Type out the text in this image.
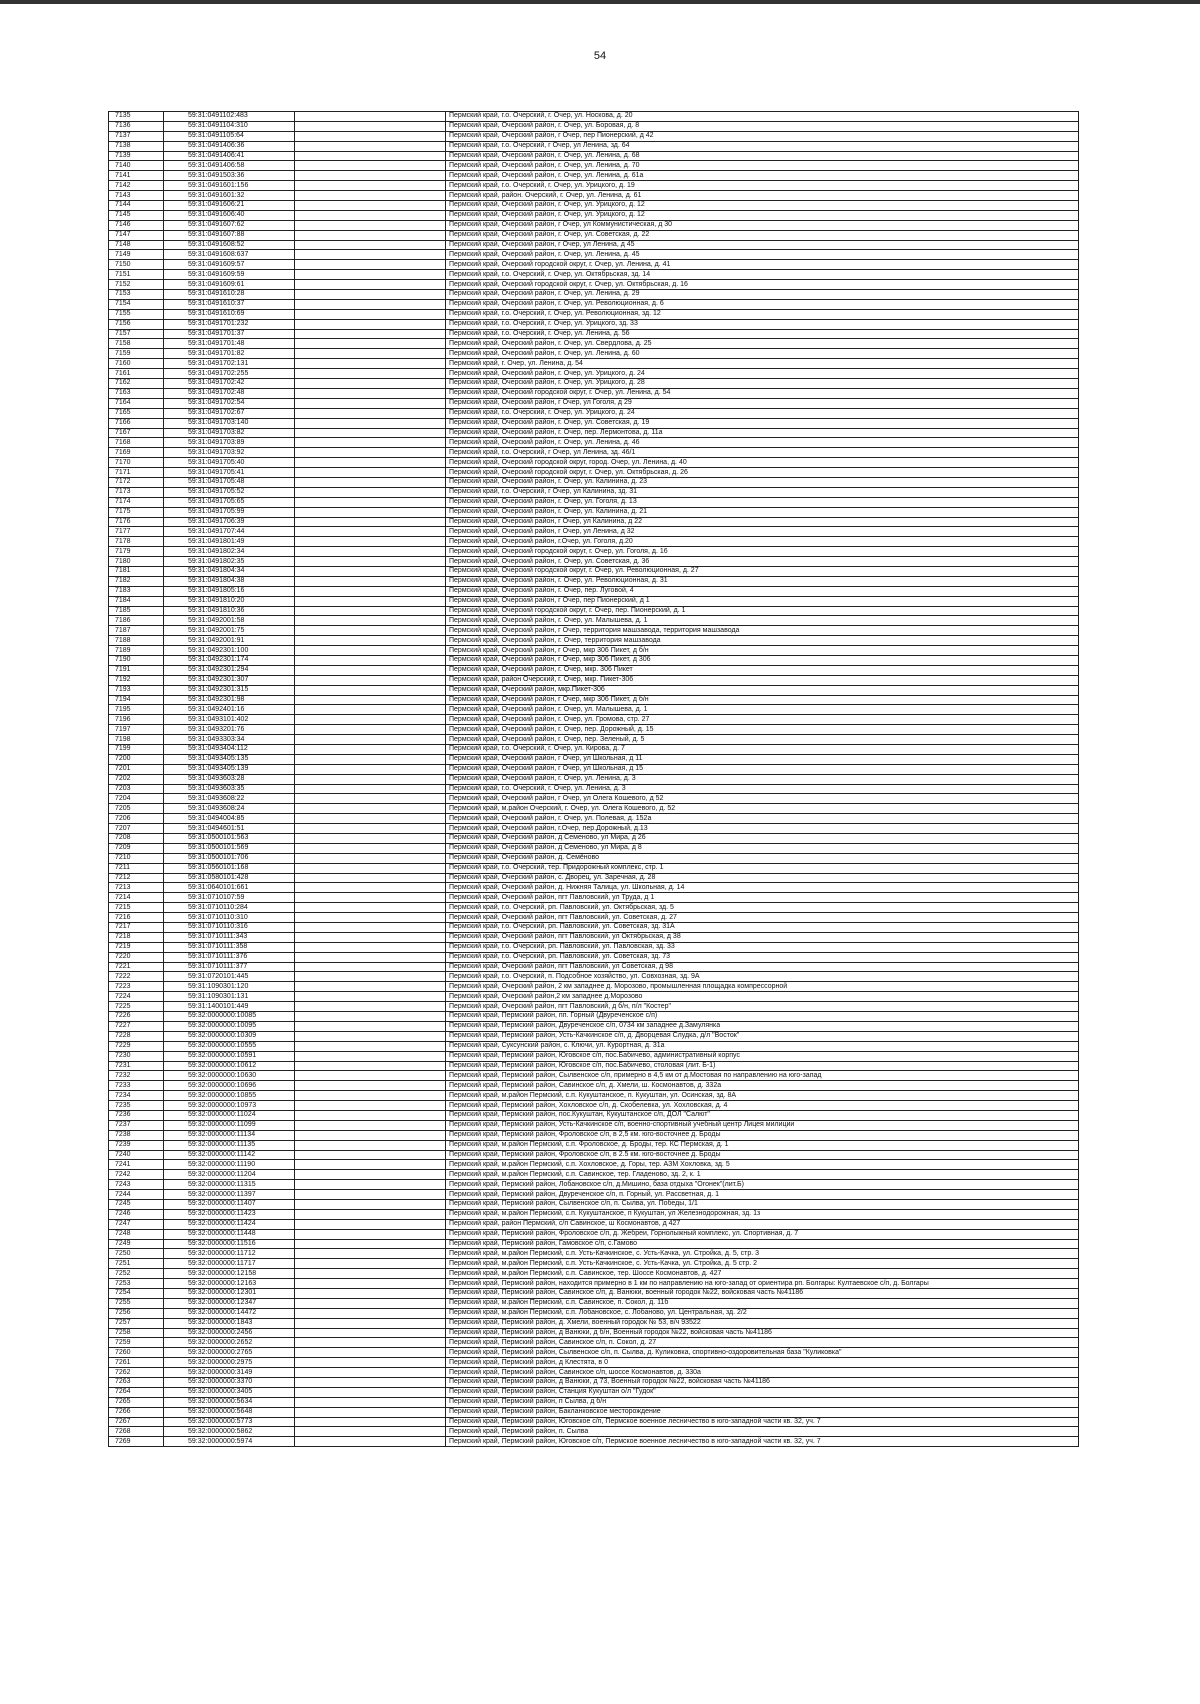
54
7135	59:31:0491102:483		Пермский край, г.о. Очерский, г. Очер, ул. Носкова, д. 20
7136	59:31:0491104:310		Пермский край, Очерский район, г. Очер, ул. Боровая, д. 8
7137	59:31:0491105:64		Пермский край, Очерский район, г Очер, пер Пионерский, д 42
7138	59:31:0491406:36		Пермский край, г.о. Очерский, г Очер, ул Ленина, зд. 64
7139	59:31:0491406:41		Пермский край, Очерский район, г. Очер, ул. Ленина, д. 68
7140	59:31:0491406:58		Пермский край, Очерский район, г. Очер, ул. Ленина, д. 70
7141	59:31:0491503:36		Пермский край, Очерский район, г. Очер, ул. Ленина, д. 61а
7142	59:31:0491601:156		Пермский край, г.о. Очерский, г. Очер, ул. Урицкого, д. 19
7143	59:31:0491601:32		Пермский край, район. Очерский, г. Очер, ул. Ленина, д. 61
7144	59:31:0491606:21		Пермский край, Очерский район, г. Очер, ул. Урицкого, д. 12
7145	59:31:0491606:40		Пермский край, Очерский район, г. Очер, ул. Урицкого, д. 12
7146	59:31:0491607:62		Пермский край, Очерский район, г Очер, ул Коммунистическая, д 30
7147	59:31:0491607:88		Пермский край, Очерский район, г. Очер, ул. Советская, д. 22
7148	59:31:0491608:52		Пермский край, Очерский район, г Очер, ул Ленина, д 45
7149	59:31:0491608:637		Пермский край, Очерский район, г. Очер, ул. Ленина, д. 45
7150	59:31:0491609:57		Пермский край, Очерский городской округ, г. Очер, ул. Ленина, д. 41
7151	59:31:0491609:59		Пермский край, г.о. Очерский, г. Очер, ул. Октябрьская, зд. 14
7152	59:31:0491609:61		Пермский край, Очерский городской округ, г. Очер, ул. Октябрьская, д. 16
7153	59:31:0491610:28		Пермский край, Очерский район, г. Очер, ул. Ленина, д. 29
7154	59:31:0491610:37		Пермский край, Очерский район, г. Очер, ул. Революционная, д. 6
7155	59:31:0491610:69		Пермский край, г.о. Очерский, г. Очер, ул. Революционная, зд. 12
7156	59:31:0491701:232		Пермский край, г.о. Очерский, г. Очер, ул. Урицкого, зд. 33
7157	59:31:0491701:37		Пермский край, г.о. Очерский, г. Очер, ул. Ленина, д. 56
7158	59:31:0491701:48		Пермский край, Очерский район, г. Очер, ул. Свердлова, д. 25
7159	59:31:0491701:82		Пермский край, Очерский район, г. Очер, ул. Ленина, д. 60
7160	59:31:0491702:131		Пермский край, г. Очер, ул. Ленина, д. 54
7161	59:31:0491702:255		Пермский край, Очерский район, г. Очер, ул. Урицкого, д. 24
7162	59:31:0491702:42		Пермский край, Очерский район, г. Очер, ул. Урицкого, д. 28
7163	59:31:0491702:48		Пермский край, Очерский городской округ, г. Очер, ул. Ленина, д. 54
7164	59:31:0491702:54		Пермский край, Очерский район, г Очер, ул Гоголя, д 29
7165	59:31:0491702:67		Пермский край, г.о. Очерский, г. Очер, ул. Урицкого, д. 24
7166	59:31:0491703:140		Пермский край, Очерский район, г. Очер, ул. Советская, д. 19
7167	59:31:0491703:82		Пермский край, Очерский район, г. Очер, пер. Лермонтова, д. 11а
7168	59:31:0491703:89		Пермский край, Очерский район, г. Очер, ул. Ленина, д. 46
7169	59:31:0491703:92		Пермский край, г.о. Очерский, г Очер, ул Ленина, зд. 46/1
7170	59:31:0491705:40		Пермский край, Очерский городской округ, город. Очер, ул. Ленина, д. 40
7171	59:31:0491705:41		Пермский край, Очерский городской округ, г. Очер, ул. Октябрьская, д. 26
7172	59:31:0491705:48		Пермский край, Очерский район, г. Очер, ул. Калинина, д. 23
7173	59:31:0491705:52		Пермский край, г.о. Очерский, г Очер, ул Калинина, зд. 31
7174	59:31:0491705:65		Пермский край, Очерский район, г. Очер, ул. Гоголя, д. 13
7175	59:31:0491705:99		Пермский край, Очерский район, г. Очер, ул. Калинина, д. 21
7176	59:31:0491706:39		Пермский край, Очерский район, г Очер, ул Калинина, д 22
7177	59:31:0491707:44		Пермский край, Очерский район, г Очер, ул Ленина, д 32
7178	59:31:0491801:49		Пермский край, Очерский район, г.Очер, ул. Гоголя, д.20
7179	59:31:0491802:34		Пермский край, Очерский городской округ, г. Очер, ул. Гоголя, д. 16
7180	59:31:0491802:35		Пермский край, Очерский район, г. Очер, ул. Советская, д. 36
7181	59:31:0491804:34		Пермский край, Очерский городской округ, г. Очер, ул. Революционная, д. 27
7182	59:31:0491804:38		Пермский край, Очерский район, г. Очер, ул. Революционная, д. 31
7183	59:31:0491805:16		Пермский край, Очерский район, г. Очер, пер. Луговой, 4
7184	59:31:0491810:20		Пермский край, Очерский район, г Очер, пер Пионерский, д 1
7185	59:31:0491810:36		Пермский край, Очерский городской округ, г. Очер, пер. Пионерский, д. 1
7186	59:31:0492001:58		Пермский край, Очерский район, г. Очер, ул. Малышева, д. 1
7187	59:31:0492001:75		Пермский край, Очерский район, г Очер, территория машзавода, территория машзавода
7188	59:31:0492001:91		Пермский край, Очерский район, г. Очер, территория машзавода
7189	59:31:0492301:100		Пермский край, Очерский район, г Очер, мкр 306 Пикет, д б/н
7190	59:31:0492301:174		Пермский край, Очерский район, г Очер, мкр 306 Пикет, д 306
7191	59:31:0492301:294		Пермский край, Очерский район, г. Очер, мкр. 306 Пикет
7192	59:31:0492301:307		Пермский край, район Очерский, г. Очер, мкр. Пикет-306
7193	59:31:0492301:315		Пермский край, Очерский район, мкр.Пикет-306
7194	59:31:0492301:98		Пермский край, Очерский район, г Очер, мкр 306 Пикет, д б/н
7195	59:31:0492401:16		Пермский край, Очерский район, г. Очер, ул. Малышева, д. 1
7196	59:31:0493101:402		Пермский край, Очерский район, г. Очер, ул. Громова, стр. 27
7197	59:31:0493201:76		Пермский край, Очерский район, г. Очер, пер. Дорожный, д. 15
7198	59:31:0493303:34		Пермский край, Очерский район, г. Очер, пер. Зеленый, д. 5
7199	59:31:0493404:112		Пермский край, г.о. Очерский, г. Очер, ул. Кирова, д. 7
7200	59:31:0493405:135		Пермский край, Очерский район, г Очер, ул Школьная, д 11
7201	59:31:0493405:139		Пермский край, Очерский район, г Очер, ул Школьная, д 15
7202	59:31:0493603:28		Пермский край, Очерский район, г. Очер, ул. Ленина, д. 3
7203	59:31:0493603:35		Пермский край, г.о. Очерский, г. Очер, ул. Ленина, д. 3
7204	59:31:0493608:22		Пермский край, Очерский район, г Очер, ул Олега Кошевого, д 52
7205	59:31:0493608:24		Пермский край, м.район Очерский, г. Очер, ул. Олега Кошевого, д. 52
7206	59:31:0494004:85		Пермский край, Очерский район, г. Очер, ул. Полевая, д. 152а
7207	59:31:0494601:51		Пермский край, Очерский район, г.Очер, пер.Дорожный, д.13
7208	59:31:0500101:563		Пермский край, Очерский район, д Семеново, ул Мира, д 26
7209	59:31:0500101:569		Пермский край, Очерский район, д Семеново, ул Мира, д 8
7210	59:31:0500101:706		Пермский край, Очерский район, д. Семёново
7211	59:31:0560101:168		Пермский край, г.о. Очерский, тер. Придорожный комплекс, стр. 1
7212	59:31:0580101:428		Пермский край, Очерский район, с. Дворец, ул. Заречная, д. 28
7213	59:31:0640101:661		Пермский край, Очерский район, д. Нижняя Талица, ул. Школьная, д. 14
7214	59:31:0710107:59		Пермский край, Очерский район, пгт Павловский, ул Труда, д 1
7215	59:31:0710110:284		Пермский край, г.о. Очерский, рп. Павловский, ул. Октябрьская, зд. 5
7216	59:31:0710110:310		Пермский край, Очерский район, пгт Павловский, ул. Советская, д. 27
7217	59:31:0710110:316		Пермский край, г.о. Очерский, рп. Павловский, ул. Советская, зд. 31А
7218	59:31:0710111:343		Пермский край, Очерский район, пгт Павловский, ул Октябрьская, д 38
7219	59:31:0710111:358		Пермский край, г.о. Очерский, рп. Павловский, ул. Павловская, зд. 33
7220	59:31:0710111:376		Пермский край, г.о. Очерский, рп. Павловский, ул. Советская, зд. 73
7221	59:31:0710111:377		Пермский край, Очерский район, пгт Павловский, ул Советская, д 98
7222	59:31:0720101:445		Пермский край, г.о. Очерский, п. Подсобное хозяйство, ул. Совхозная, зд. 9А
7223	59:31:1090301:120		Пермский край, Очерский район, 2 км западнее д. Морозово, промышленная площадка компрессорной
7224	59:31:1090301:131		Пермский край, Очерский район,2 км западнее д.Морозово
7225	59:31:1400101:449		Пермский край, Очерский район, пгт Павловский, д б/н, п/л "Костер"
7226	59:32:0000000:10085		Пермский край, Пермский район, пп. Горный (Двуреченское с/п)
7227	59:32:0000000:10095		Пермский край, Пермский район, Двуреченское с/п, 0734 км западнее д.Замулянка
7228	59:32:0000000:10309		Пермский край, Пермский район, Усть-Качкинское с/п, д. Дворцевая Слудка, д/л "Восток"
7229	59:32:0000000:10555		Пермский край, Суксунский район, с. Ключи, ул. Курортная, д. 31а
7230	59:32:0000000:10591		Пермский край, Пермский район, Юговское с/п, пос.Бабичево, административный корпус
7231	59:32:0000000:10612		Пермский край, Пермский район, Юговское с/п, пос.Бабичево, столовая (лит. Б-1)
7232	59:32:0000000:10630		Пермский край, Пермский район, Сылвенское с/п, примерно в 4,5 км от д.Мостовая по направлению на юго-запад
7233	59:32:0000000:10696		Пермский край, Пермский район, Савинское с/п, д. Хмели, ш. Космонавтов, д. 332а
7234	59:32:0000000:10855		Пермский край, м.район Пермский, с.п. Кукуштанское, п. Кукуштан, ул. Осинская, зд. 8А
7235	59:32:0000000:10973		Пермский край, Пермский район, Хохловское с/п, д. Скобелевка, ул. Хохловская, д. 4
7236	59:32:0000000:11024		Пермский край, Пермский район, пос.Кукуштан, Кукуштанское с/п, ДОЛ "Салют"
7237	59:32:0000000:11099		Пермский край, Пермский район, Усть-Качкинское с/п, военно-спортивный учебный центр Лицея милиции
7238	59:32:0000000:11134		Пермский край, Пермский район, Фроловское с/п, в 2,5 км. юго-восточнее д. Броды
7239	59:32:0000000:11135		Пермский край, м.район Пермский, с.п. Фроловское, д. Броды, тер. КС Пермская, д. 1
7240	59:32:0000000:11142		Пермский край, Пермский район, Фроловское с/п, в 2.5 км. юго-восточнее д. Броды
7241	59:32:0000000:11190		Пермский край, м.район Пермский, с.п. Хохловское, д. Горы, тер. АЗМ Хохловка, зд. 5
7242	59:32:0000000:11204		Пермский край, м.район Пермский, с.п. Савинское, тер. Гладеново, зд. 2, к. 1
7243	59:32:0000000:11315		Пермский край, Пермский район, Лобановское с/п, д.Мишино, база отдыха "Огонек"(лит.Б)
7244	59:32:0000000:11397		Пермский край, Пермский район, Двуреченское с/п, п. Горный, ул. Рассветная, д. 1
7245	59:32:0000000:11407		Пермский край, Пермский район, Сылвенское с/п, п. Сылва, ул. Победы, 1/1
7246	59:32:0000000:11423		Пермский край, м.район Пермский, с.п. Кукуштанское, п Кукуштан, ул Железнодорожная, зд. 1з
7247	59:32:0000000:11424		Пермский край, район Пермский, с/п Савинское, ш Космонавтов, д 427
7248	59:32:0000000:11448		Пермский край, Пермский район, Фроловское с/п, д. Жебреи, Горнолыжный комплекс, ул. Спортивная, д. 7
7249	59:32:0000000:11516		Пермский край, Пермский район, Гамовское с/п, с.Гамово
7250	59:32:0000000:11712		Пермский край, м.район Пермский, с.п. Усть-Качкинское, с. Усть-Качка, ул. Стройка, д. 5, стр. 3
7251	59:32:0000000:11717		Пермский край, м.район Пермский, с.п. Усть-Качкинское, с. Усть-Качка, ул. Стройка, д. 5 стр. 2
7252	59:32:0000000:12158		Пермский край, м.район Пермский, с.п. Савинское, тер. Шоссе Космонавтов, д. 427
7253	59:32:0000000:12163		Пермский край, Пермский район, находится примерно в 1 км по направлению на юго-запад от ориентира рп. Болгары: Култаевское с/п, д. Болгары
7254	59:32:0000000:12301		Пермский край, Пермский район, Савинское с/п, д. Ванюки, военный городок №22, войсковая часть №41186
7255	59:32:0000000:12347		Пермский край, м.район Пермский, с.п. Савинское, п. Сокол, д. 11б
7256	59:32:0000000:14472		Пермский край, м.район Пермский, с.п. Лобановское, с. Лобаново, ул. Центральная, зд. 2/2
7257	59:32:0000000:1843		Пермский край, Пермский район, д. Хмели, военный городок № 53, в/ч 93522
7258	59:32:0000000:2456		Пермский край, Пермский район, д Ванюки, д б/н, Военный городок №22, войсковая часть №41186
7259	59:32:0000000:2652		Пермский край, Пермский район, Савинское с/п, п. Сокол, д. 27
7260	59:32:0000000:2765		Пермский край, Пермский район, Сылвенское с/п, п. Сылва, д. Куликовка, спортивно-оздоровительная база "Куликовка"
7261	59:32:0000000:2975		Пермский край, Пермский район, д Клестята, в 0
7262	59:32:0000000:3149		Пермский край, Пермский район, Савинское с/п, шоссе Космонавтов, д. 330а
7263	59:32:0000000:3370		Пермский край, Пермский район, д Ванюки, д 73, Военный городок №22, войсковая часть №41186
7264	59:32:0000000:3405		Пермский край, Пермский район, Станция Кукуштан о/л "Гудок"
7265	59:32:0000000:5634		Пермский край, Пермский район, п Сылва, д б/н
7266	59:32:0000000:5648		Пермский край, Пермский район, Бакланковское месторождение
7267	59:32:0000000:5773		Пермский край, Пермский район, Юговское с/п, Пермское военное лесничество в юго-западной части кв. 32, уч. 7
7268	59:32:0000000:5862		Пермский край, Пермский район, п. Сылва
7269	59:32:0000000:5974		Пермский край, Пермский район, Юговское с/п, Пермское военное лесничество в юго-западной части кв. 32, уч. 7
